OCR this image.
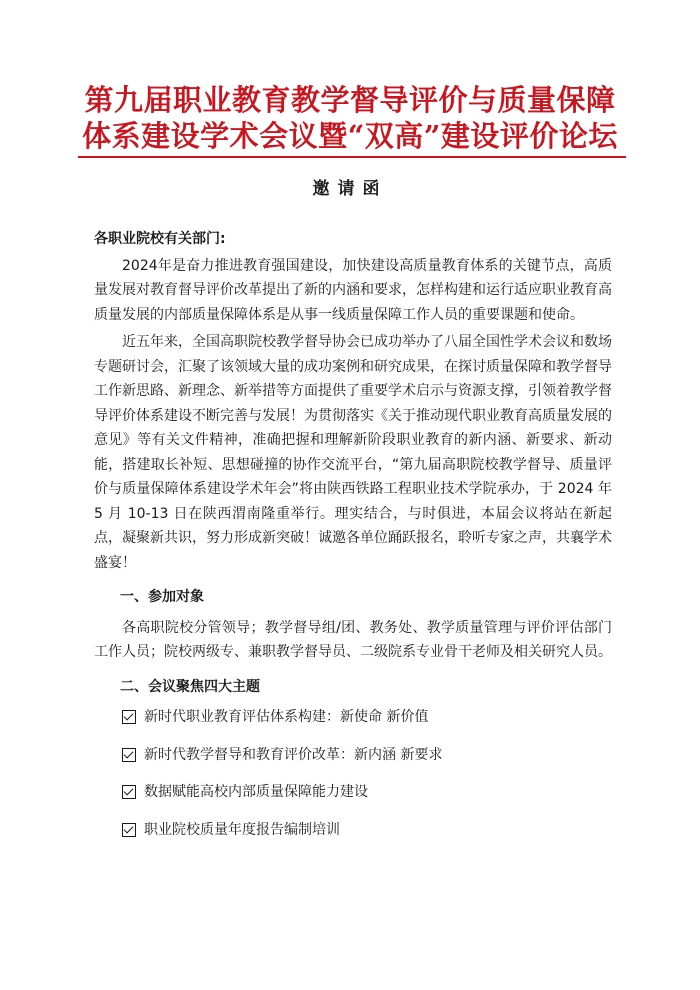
第九届职业教育教学督导评价与质量保障
体系建设学术会议暨“双高”建设评价论坛
邀请函
各职业院校有关部门:

2024年是奋力推进教育强国建设，加快建设高质量教育体系的关键节点，高质量发展对教育督导评价改革提出了新的内涵和要求，怎样构建和运行适应职业教育高质量发展的内部质量保障体系是从事一线质量保障工作人员的重要课题和使命。

近五年来，全国高职院校教学督导协会已成功举办了八届全国性学术会议和数场专题研讨会，汇聚了该领域大量的成功案例和研究成果，在探讨质量保障和教学督导工作新思路、新理念、新举措等方面提供了重要学术启示与资源支撑，引领着教学督导评价体系建设不断完善与发展！为贯彻落实《关于推动现代职业教育高质量发展的意见》等有关文件精神，准确把握和理解新阶段职业教育的新内涵、新要求、新动能，搭建取长补短、思想碰撞的协作交流平台，“第九届高职院校教学督导、质量评价与质量保障体系建设学术年会”将由陕西铁路工程职业技术学院承办，于 2024 年 5 月 10-13 日在陕西渭南隆重举行。理实结合，与时俱进，本届会议将站在新起点，凝聚新共识，努力形成新突破！诚邀各单位踊跃报名，聆听专家之声，共襄学术盛宴！

一、参加对象

各高职院校分管领导；教学督导组/团、教务处、教学质量管理与评价评估部门工作人员；院校两级专、兼职教学督导员、二级院系专业骨干老师及相关研究人员。

二、会议聚焦四大主题
新时代职业教育评估体系构建：新使命 新价值
新时代教学督导和教育评价改革：新内涵 新要求
数据赋能高校内部质量保障能力建设
职业院校质量年度报告编制培训
